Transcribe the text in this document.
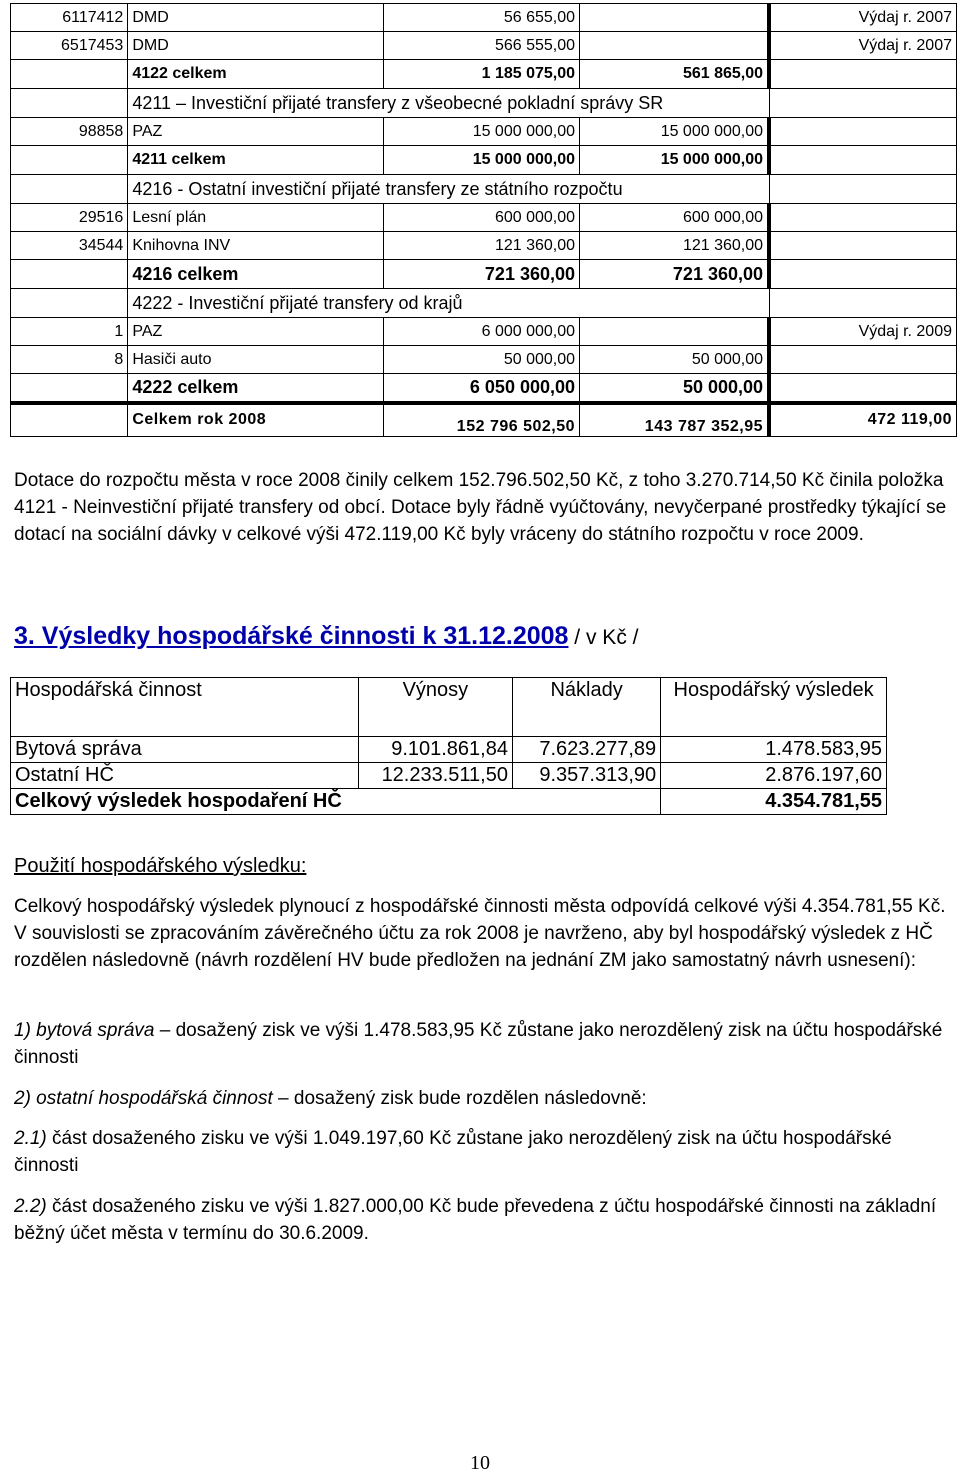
6117412	DMD	56 655,00		Výdaj r. 2007
6517453	DMD	566 555,00		Výdaj r. 2007
	4122 celkem	1 185 075,00	561 865,00	
	4211 – Investiční přijaté transfery z všeobecné pokladní správy SR			
98858	PAZ	15 000 000,00	15 000 000,00	
	4211 celkem	15 000 000,00	15 000 000,00	
	4216 - Ostatní investiční přijaté transfery ze státního rozpočtu			
29516	Lesní plán	600 000,00	600 000,00	
34544	Knihovna INV	121 360,00	121 360,00	
	4216 celkem	721 360,00	721 360,00	
	4222 - Investiční přijaté transfery od krajů			
1	PAZ	6 000 000,00		Výdaj r. 2009
8	Hasiči auto	50 000,00	50 000,00	
	4222 celkem	6 050 000,00	50 000,00	
	Celkem rok 2008	152 796 502,50	143 787 352,95	472 119,00
Dotace do rozpočtu města v roce 2008 činily celkem 152.796.502,50 Kč, z toho 3.270.714,50 Kč činila položka 4121 - Neinvestiční přijaté transfery od obcí. Dotace byly řádně vyúčtovány, nevyčerpané prostředky týkající se dotací na sociální dávky v celkové výši 472.119,00 Kč byly vráceny do státního rozpočtu v roce 2009.
3. Výsledky hospodářské činnosti k 31.12.2008 / v Kč /
Hospodářská činnost	Výnosy	Náklady	Hospodářský výsledek
Bytová správa	9.101.861,84	7.623.277,89	1.478.583,95
Ostatní HČ	12.233.511,50	9.357.313,90	2.876.197,60
Celkový výsledek hospodaření HČ			4.354.781,55
Použití hospodářského výsledku:
Celkový hospodářský výsledek plynoucí z hospodářské činnosti města odpovídá celkové výši 4.354.781,55 Kč. V souvislosti se zpracováním závěrečného účtu za rok 2008 je navrženo, aby byl hospodářský výsledek z HČ rozdělen následovně (návrh rozdělení HV bude předložen na jednání ZM jako samostatný návrh usnesení):
1) bytová správa – dosažený zisk ve výši 1.478.583,95 Kč zůstane jako nerozdělený zisk na účtu hospodářské činnosti
2) ostatní hospodářská činnost – dosažený zisk bude rozdělen následovně:
2.1) část dosaženého zisku ve výši 1.049.197,60 Kč zůstane jako nerozdělený zisk na účtu hospodářské činnosti
2.2) část dosaženého zisku ve výši 1.827.000,00 Kč bude převedena z účtu hospodářské činnosti na základní běžný účet města v termínu do 30.6.2009.
10
